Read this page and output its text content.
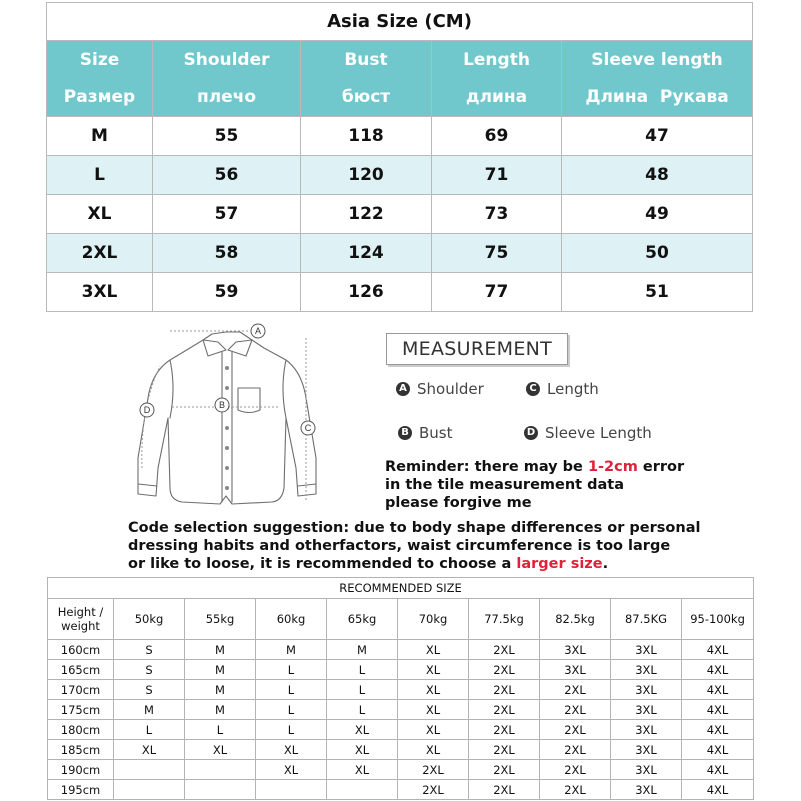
Asia Size (CM)				
Size	Shoulder	Bust	Length	Sleeve length
Размер	плечо	бюст	длина	Длина  Рукава
M	55	118	69	47
L	56	120	71	48
XL	57	122	73	49
2XL	58	124	75	50
3XL	59	126	77	51
A
B
C
D
MEASUREMENT
A Shoulder	C Length
B Bust	D Sleeve Length
Reminder: there may be 1-2cm error
in the tile measurement data
please forgive me
Code selection suggestion: due to body shape differences or personal
dressing habits and otherfactors, waist circumference is too large
or like to loose, it is recommended to choose a larger size.
RECOMMENDED SIZE									

Height /
weight	50kg	55kg	60kg	65kg	70kg	77.5kg	82.5kg	87.5KG	95-100kg
160cm	S	M	M	M	XL	2XL	3XL	3XL	4XL
165cm	S	M	L	L	XL	2XL	3XL	3XL	4XL
170cm	S	M	L	L	XL	2XL	2XL	3XL	4XL
175cm	M	M	L	L	XL	2XL	2XL	3XL	4XL
180cm	L	L	L	XL	XL	2XL	2XL	3XL	4XL
185cm	XL	XL	XL	XL	XL	2XL	2XL	3XL	4XL
190cm			XL	XL	2XL	2XL	2XL	3XL	4XL
195cm					2XL	2XL	2XL	3XL	4XL
